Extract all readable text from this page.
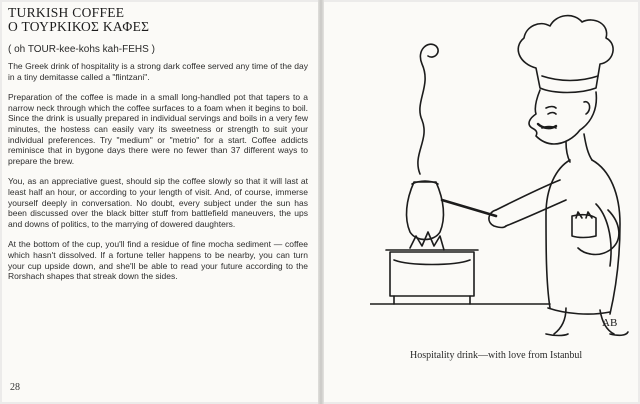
TURKISH COFFEE
Ο ΤΟΥΡΚΙΚΟΣ ΚΑΦΕΣ

( oh TOUR-kee-kohs kah-FEHS )

The Greek drink of hospitality is a strong dark coffee served any time of the day in a tiny demitasse called a "flintzani".

Preparation of the coffee is made in a small long-handled pot that tapers to a narrow neck through which the coffee surfaces to a foam when it begins to boil. Since the drink is usually prepared in individual servings and boils in a very few minutes, the hostess can easily vary its sweetness or strength to suit your individual preferences. Try "medium" or "metrio" for a start. Coffee addicts reminisce that in bygone days there were no fewer than 37 different ways to prepare the brew.

You, as an appreciative guest, should sip the coffee slowly so that it will last at least half an hour, or according to your length of visit. And, of course, immerse yourself deeply in conversation. No doubt, every subject under the sun has been discussed over the black bitter stuff from battlefield maneuvers, the ups and downs of politics, to the marrying of dowered daughters.

At the bottom of the cup, you'll find a residue of fine mocha sediment — coffee which hasn't dissolved. If a fortune teller happens to be nearby, you can turn your cup upside down, and she'll be able to read your future according to the Rorshach shapes that streak down the sides.

28
AB
Hospitality drink—with love from Istanbul
